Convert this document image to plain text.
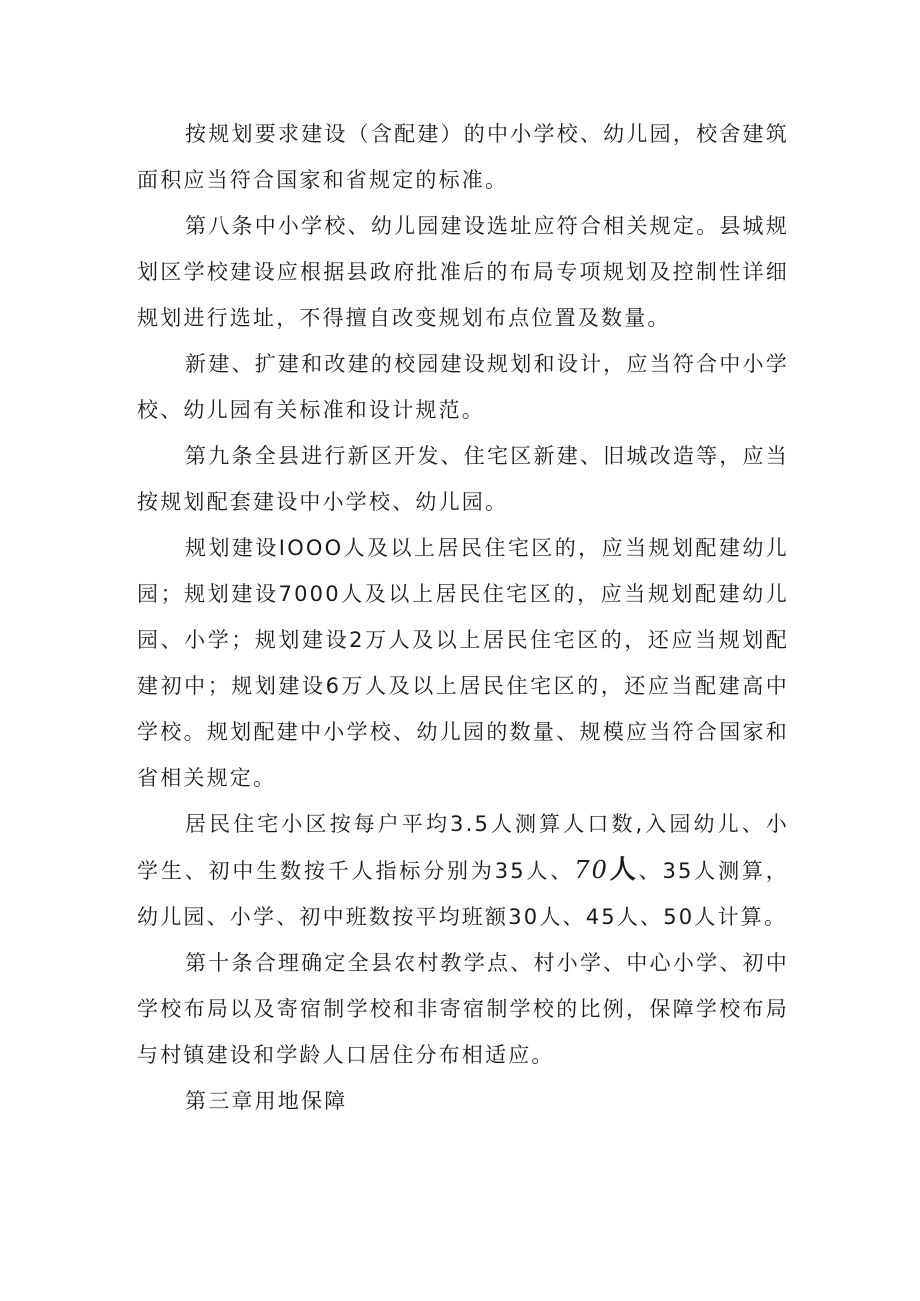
按规划要求建设（含配建）的中小学校、幼儿园，校舍建筑面积应当符合国家和省规定的标准。

第八条中小学校、幼儿园建设选址应符合相关规定。县城规划区学校建设应根据县政府批准后的布局专项规划及控制性详细规划进行选址，不得擅自改变规划布点位置及数量。

新建、扩建和改建的校园建设规划和设计，应当符合中小学校、幼儿园有关标准和设计规范。

第九条全县进行新区开发、住宅区新建、旧城改造等，应当按规划配套建设中小学校、幼儿园。

规划建设IOOO人及以上居民住宅区的，应当规划配建幼儿园；规划建设7000人及以上居民住宅区的，应当规划配建幼儿园、小学；规划建设2万人及以上居民住宅区的，还应当规划配建初中；规划建设6万人及以上居民住宅区的，还应当配建高中学校。规划配建中小学校、幼儿园的数量、规模应当符合国家和省相关规定。

居民住宅小区按每户平均3.5人测算人口数,入园幼儿、小学生、初中生数按千人指标分别为35人、70人、35人测算，幼儿园、小学、初中班数按平均班额30人、45人、50人计算。

第十条合理确定全县农村教学点、村小学、中心小学、初中学校布局以及寄宿制学校和非寄宿制学校的比例，保障学校布局与村镇建设和学龄人口居住分布相适应。

第三章用地保障
